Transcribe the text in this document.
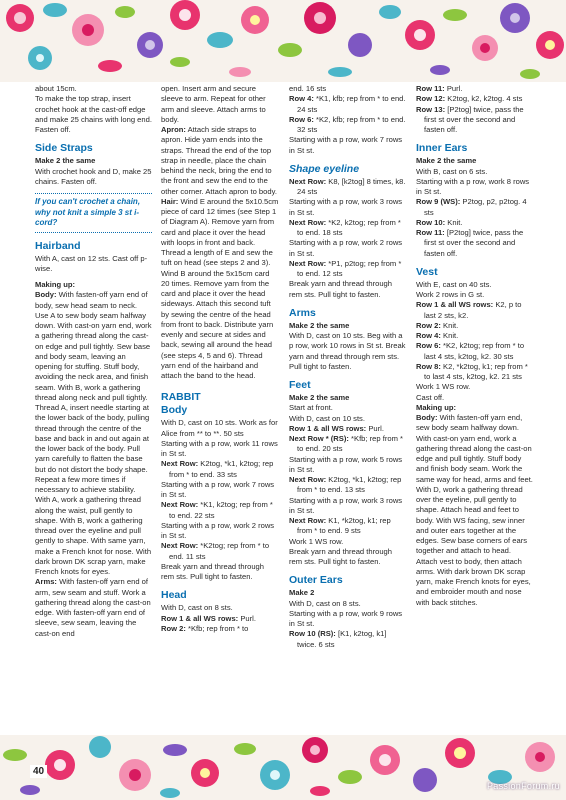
about 15cm.

To make the top strap, insert crochet hook at the cast-off edge and make 25 chains with long end. Fasten off.

Side Straps

Make 2 the same

With crochet hook and D, make 25 chains. Fasten off.

If you can't crochet a chain, why not knit a simple 3 st i-cord?
Hairband

With A, cast on 12 sts. Cast off p-wise.

Making up:

Body: With fasten-off yarn end of body, sew head seam to neck. Use A to sew body seam halfway down. With cast-on yarn end, work a gathering thread along the cast-on edge and pull tightly. Sew base and body seam, leaving an opening for stuffing. Stuff body, avoiding the neck area, and finish seam. With B, work a gathering thread along neck and pull tightly. Thread A, insert needle starting at the lower back of the body, pulling thread through the centre of the base and back in and out again at the lower back of the body. Pull yarn carefully to flatten the base but do not distort the body shape. Repeat a few more times if necessary to achieve stability. With A, work a gathering thread along the waist, pull gently to shape. With B, work a gathering thread over the eyeline and pull gently to shape. With same yarn, make a French knot for nose. With dark brown DK scrap yarn, make French knots for eyes.

Arms: With fasten-off yarn end of arm, sew seam and stuff. Work a gathering thread along the cast-on edge. With fasten-off yarn end of sleeve, sew seam, leaving the cast-on end

open. Insert arm and secure sleeve to arm. Repeat for other arm and sleeve. Attach arms to body.

Apron: Attach side straps to apron. Hide yarn ends into the straps. Thread the end of the top strap in needle, place the chain behind the neck, bring the end to the front and sew the end to the other corner. Attach apron to body.

Hair: Wind E around the 5x10.5cm piece of card 12 times (see Step 1 of Diagram A). Remove yarn from card and place it over the head with loops in front and back. Thread a length of E and sew the tuft on head (see steps 2 and 3). Wind B around the 5x15cm card 20 times. Remove yarn from the card and place it over the head sideways. Attach this second tuft by sewing the centre of the head from front to back. Distribute yarn evenly and secure at sides and back, sewing all around the head (see steps 4, 5 and 6). Thread yarn end of the hairband and attach the band to the head.

RABBIT
Body

With D, cast on 10 sts. Work as for Alice from ** to **. 50 sts

Starting with a p row, work 11 rows in St st.

Next Row: K2tog, *k1, k2tog; rep from * to end. 33 sts

Starting with a p row, work 7 rows in St st.

Next Row: *K1, k2tog; rep from * to end. 22 sts

Starting with a p row, work 2 rows in St st.

Next Row: *K2tog; rep from * to end. 11 sts

Break yarn and thread through rem sts. Pull tight to fasten.

Head

With D, cast on 8 sts.

Row 1 & all WS rows: Purl.

Row 2: *Kfb; rep from * to

end. 16 sts

Row 4: *K1, kfb; rep from * to end. 24 sts

Row 6: *K2, kfb; rep from * to end. 32 sts

Starting with a p row, work 7 rows in St st.

Shape eyeline

Next Row: K8, [k2tog] 8 times, k8. 24 sts

Starting with a p row, work 3 rows in St st.

Next Row: *K2, k2tog; rep from * to end. 18 sts

Starting with a p row, work 2 rows in St st.

Next Row: *P1, p2tog; rep from * to end. 12 sts

Break yarn and thread through rem sts. Pull tight to fasten.

Arms

Make 2 the same

With D, cast on 10 sts. Beg with a p row, work 10 rows in St st. Break yarn and thread through rem sts. Pull tight to fasten.

Feet

Make 2 the same

Start at front.

With D, cast on 10 sts.

Row 1 & all WS rows: Purl.

Next Row * (RS): *Kfb; rep from * to end. 20 sts

Starting with a p row, work 5 rows in St st.

Next Row: K2tog, *k1, k2tog; rep from * to end. 13 sts

Starting with a p row, work 3 rows in St st.

Next Row: K1, *k2tog, k1; rep from * to end. 9 sts

Work 1 WS row.

Break yarn and thread through rem sts. Pull tight to fasten.

Outer Ears

Make 2

With D, cast on 8 sts.

Starting with a p row, work 9 rows in St st.

Row 10 (RS): [K1, k2tog, k1] twice. 6 sts

Row 11: Purl.

Row 12: K2tog, k2, k2tog. 4 sts

Row 13: [P2tog] twice, pass the first st over the second and fasten off.

Inner Ears

Make 2 the same

With B, cast on 6 sts.

Starting with a p row, work 8 rows in St st.

Row 9 (WS): P2tog, p2, p2tog. 4 sts

Row 10: Knit.

Row 11: [P2tog] twice, pass the first st over the second and fasten off.

Vest

With E, cast on 40 sts.

Work 2 rows in G st.

Row 1 & all WS rows: K2, p to last 2 sts, k2.

Row 2: Knit.

Row 4: Knit.

Row 6: *K2, k2tog; rep from * to last 4 sts, k2tog, k2. 30 sts

Row 8: K2, *k2tog, k1; rep from * to last 4 sts, k2tog, k2. 21 sts

Work 1 WS row.

Cast off.

Making up:

Body: With fasten-off yarn end, sew body seam halfway down. With cast-on yarn end, work a gathering thread along the cast-on edge and pull tightly. Stuff body and finish body seam. Work the same way for head, arms and feet. With D, work a gathering thread over the eyeline, pull gently to shape. Attach head and feet to body. With WS facing, sew inner and outer ears together at the edges. Sew base corners of ears together and attach to head. Attach vest to body, then attach arms. With dark brown DK scrap yarn, make French knots for eyes, and embroider mouth and nose with back stitches.

40
PassionForum.ru
